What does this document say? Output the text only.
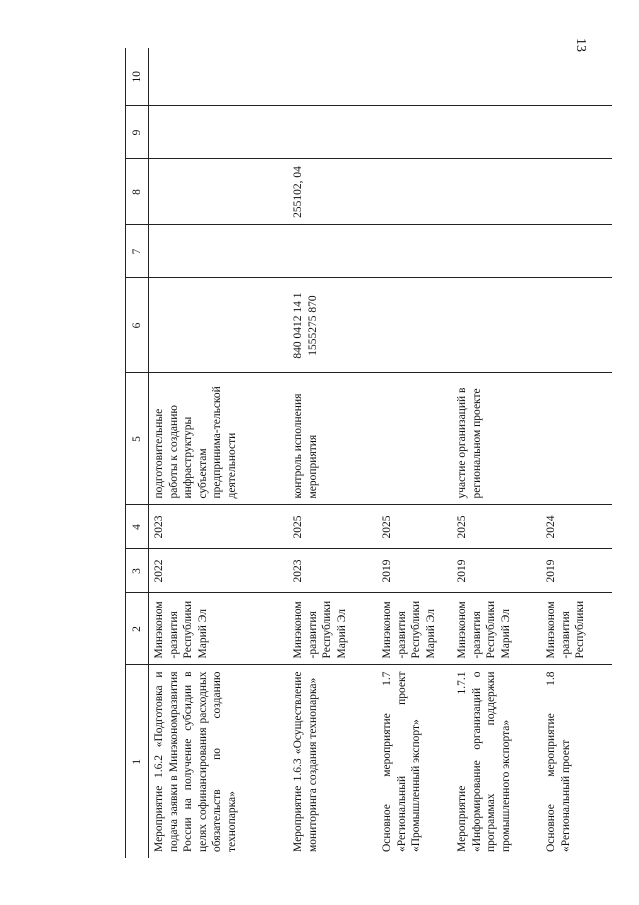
13
1	2	3	4	5	6	7	8	9	10
Мероприятие 1.6.2 «Подготовка и подача заявки в Минэкономразвития России на получение субсидии в целях софинансирования расходных обязательств по созданию технопарка»	Минэконом-развития Республики Марий Эл	2022	2023	подготовительные работы к созданию инфраструктуры субъектам предпринима-тельской деятельности					
Мероприятие 1.6.3 «Осуществление мониторинга создания технопарка»	Минэконом-развития Республики Марий Эл	2023	2025	контроль исполнения мероприятия	840 0412 14 1 1555275 870		255102, 04		
Основное мероприятие 1.7 «Региональный проект «Промышленный экспорт»	Минэконом-развития Республики Марий Эл	2019	2025						
Мероприятие 1.7.1 «Информирование организаций о программах поддержки промышленного экспорта»	Минэконом-развития Республики Марий Эл	2019	2025	участие организаций в региональном проекте					
Основное мероприятие 1.8 «Региональный проект	Минэконом-развития Республики	2019	2024						
